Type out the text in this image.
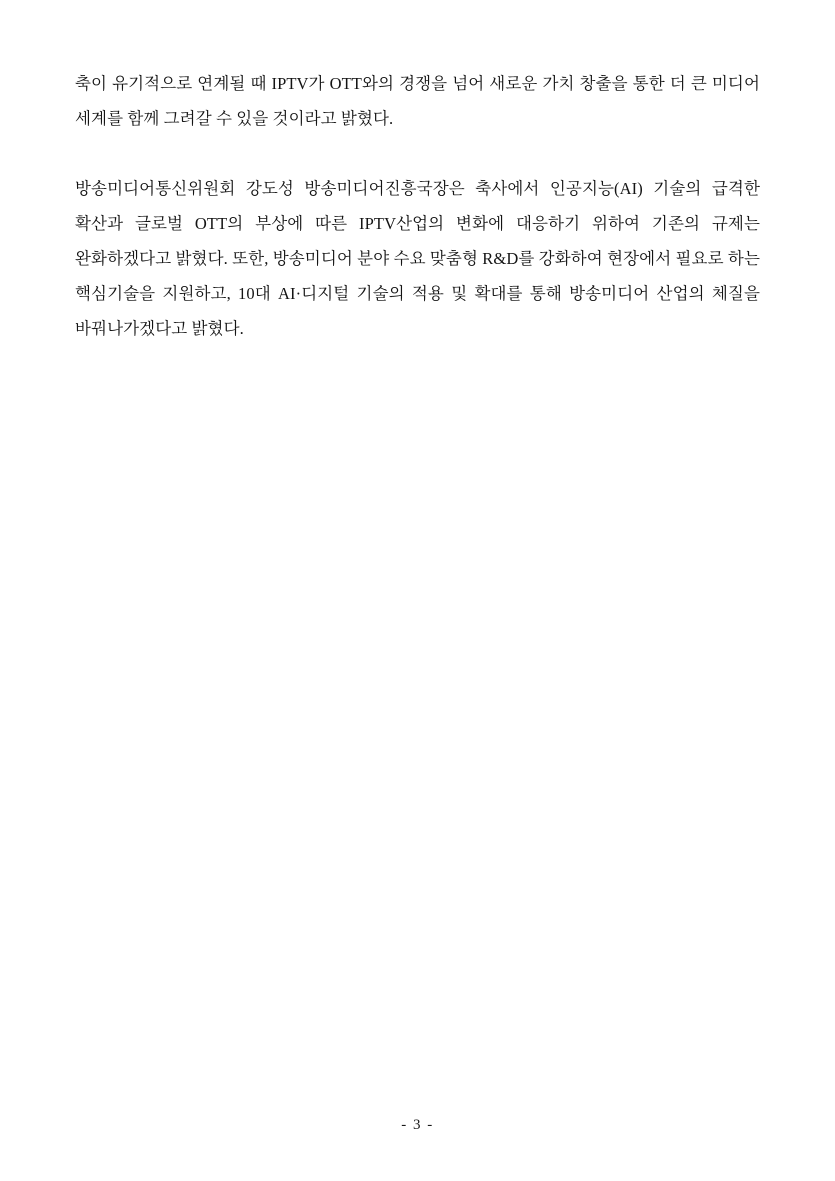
축이 유기적으로 연계될 때 IPTV가 OTT와의 경쟁을 넘어 새로운 가치 창출을 통한 더 큰 미디어 세계를 함께 그려갈 수 있을 것이라고 밝혔다.

방송미디어통신위원회 강도성 방송미디어진흥국장은 축사에서 인공지능(AI) 기술의 급격한 확산과 글로벌 OTT의 부상에 따른 IPTV산업의 변화에 대응하기 위하여 기존의 규제는 완화하겠다고 밝혔다. 또한, 방송미디어 분야 수요 맞춤형 R&D를 강화하여 현장에서 필요로 하는 핵심기술을 지원하고, 10대 AI·디지털 기술의 적용 및 확대를 통해 방송미디어 산업의 체질을 바꿔나가겠다고 밝혔다.

- 3 -
